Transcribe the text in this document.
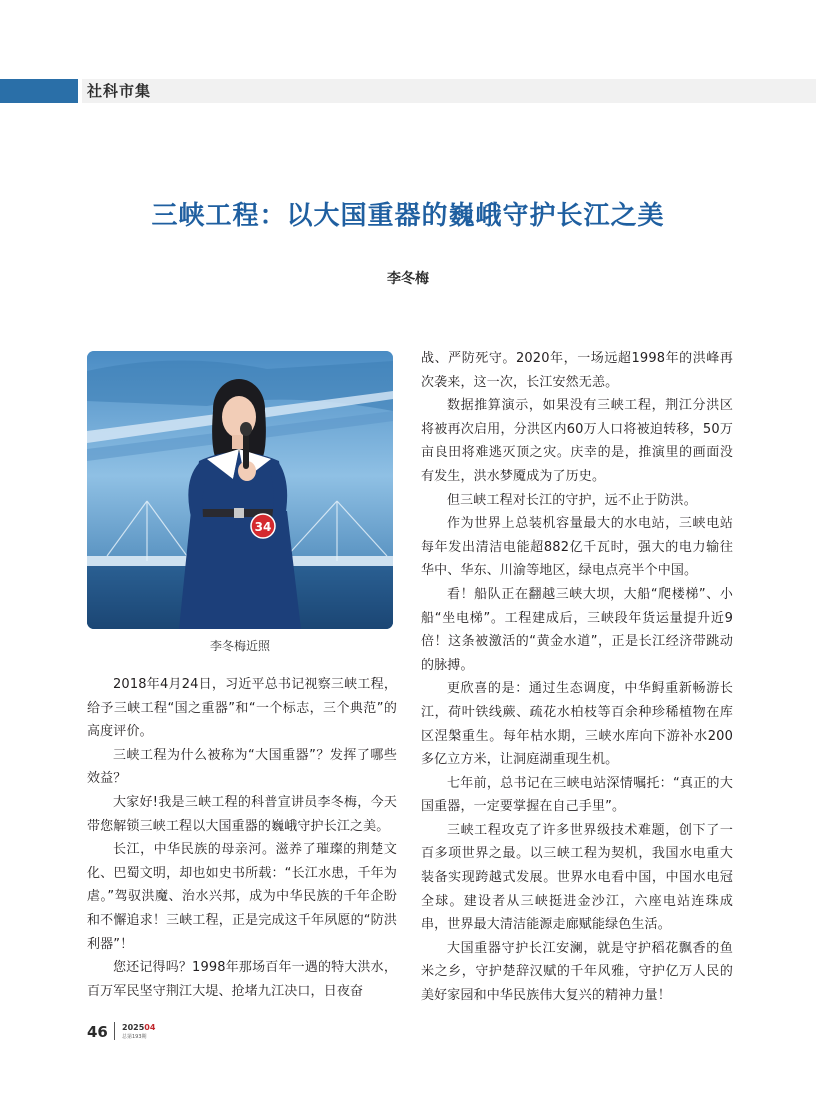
社科市集
三峡工程：以大国重器的巍峨守护长江之美
李冬梅
34
李冬梅近照

2018年4月24日，习近平总书记视察三峡工程，给予三峡工程“国之重器”和“一个标志，三个典范”的高度评价。

三峡工程为什么被称为“大国重器”？发挥了哪些效益？

大家好!我是三峡工程的科普宣讲员李冬梅，今天带您解锁三峡工程以大国重器的巍峨守护长江之美。

长江，中华民族的母亲河。滋养了璀璨的荆楚文化、巴蜀文明，却也如史书所载：“长江水患，千年为虐。”驾驭洪魔、治水兴邦，成为中华民族的千年企盼和不懈追求！三峡工程，正是完成这千年夙愿的“防洪利器”！

您还记得吗？1998年那场百年一遇的特大洪水，百万军民坚守荆江大堤、抢堵九江决口，日夜奋

战、严防死守。2020年，一场远超1998年的洪峰再次袭来，这一次，长江安然无恙。

数据推算演示，如果没有三峡工程，荆江分洪区将被再次启用，分洪区内60万人口将被迫转移，50万亩良田将难逃灭顶之灾。庆幸的是，推演里的画面没有发生，洪水梦魇成为了历史。

但三峡工程对长江的守护，远不止于防洪。

作为世界上总装机容量最大的水电站，三峡电站每年发出清洁电能超882亿千瓦时，强大的电力输往华中、华东、川渝等地区，绿电点亮半个中国。

看！船队正在翻越三峡大坝，大船“爬楼梯”、小船“坐电梯”。工程建成后，三峡段年货运量提升近9倍！这条被激活的“黄金水道”，正是长江经济带跳动的脉搏。

更欣喜的是：通过生态调度，中华鲟重新畅游长江，荷叶铁线蕨、疏花水柏枝等百余种珍稀植物在库区涅槃重生。每年枯水期，三峡水库向下游补水200多亿立方米，让洞庭湖重现生机。

七年前，总书记在三峡电站深情嘱托：“真正的大国重器，一定要掌握在自己手里”。

三峡工程攻克了许多世界级技术难题，创下了一百多项世界之最。以三峡工程为契机，我国水电重大装备实现跨越式发展。世界水电看中国，中国水电冠全球。建设者从三峡挺进金沙江，六座电站连珠成串，世界最大清洁能源走廊赋能绿色生活。

大国重器守护长江安澜，就是守护稻花飘香的鱼米之乡，守护楚辞汉赋的千年风雅，守护亿万人民的美好家园和中华民族伟大复兴的精神力量！

46 202504
总第193期
